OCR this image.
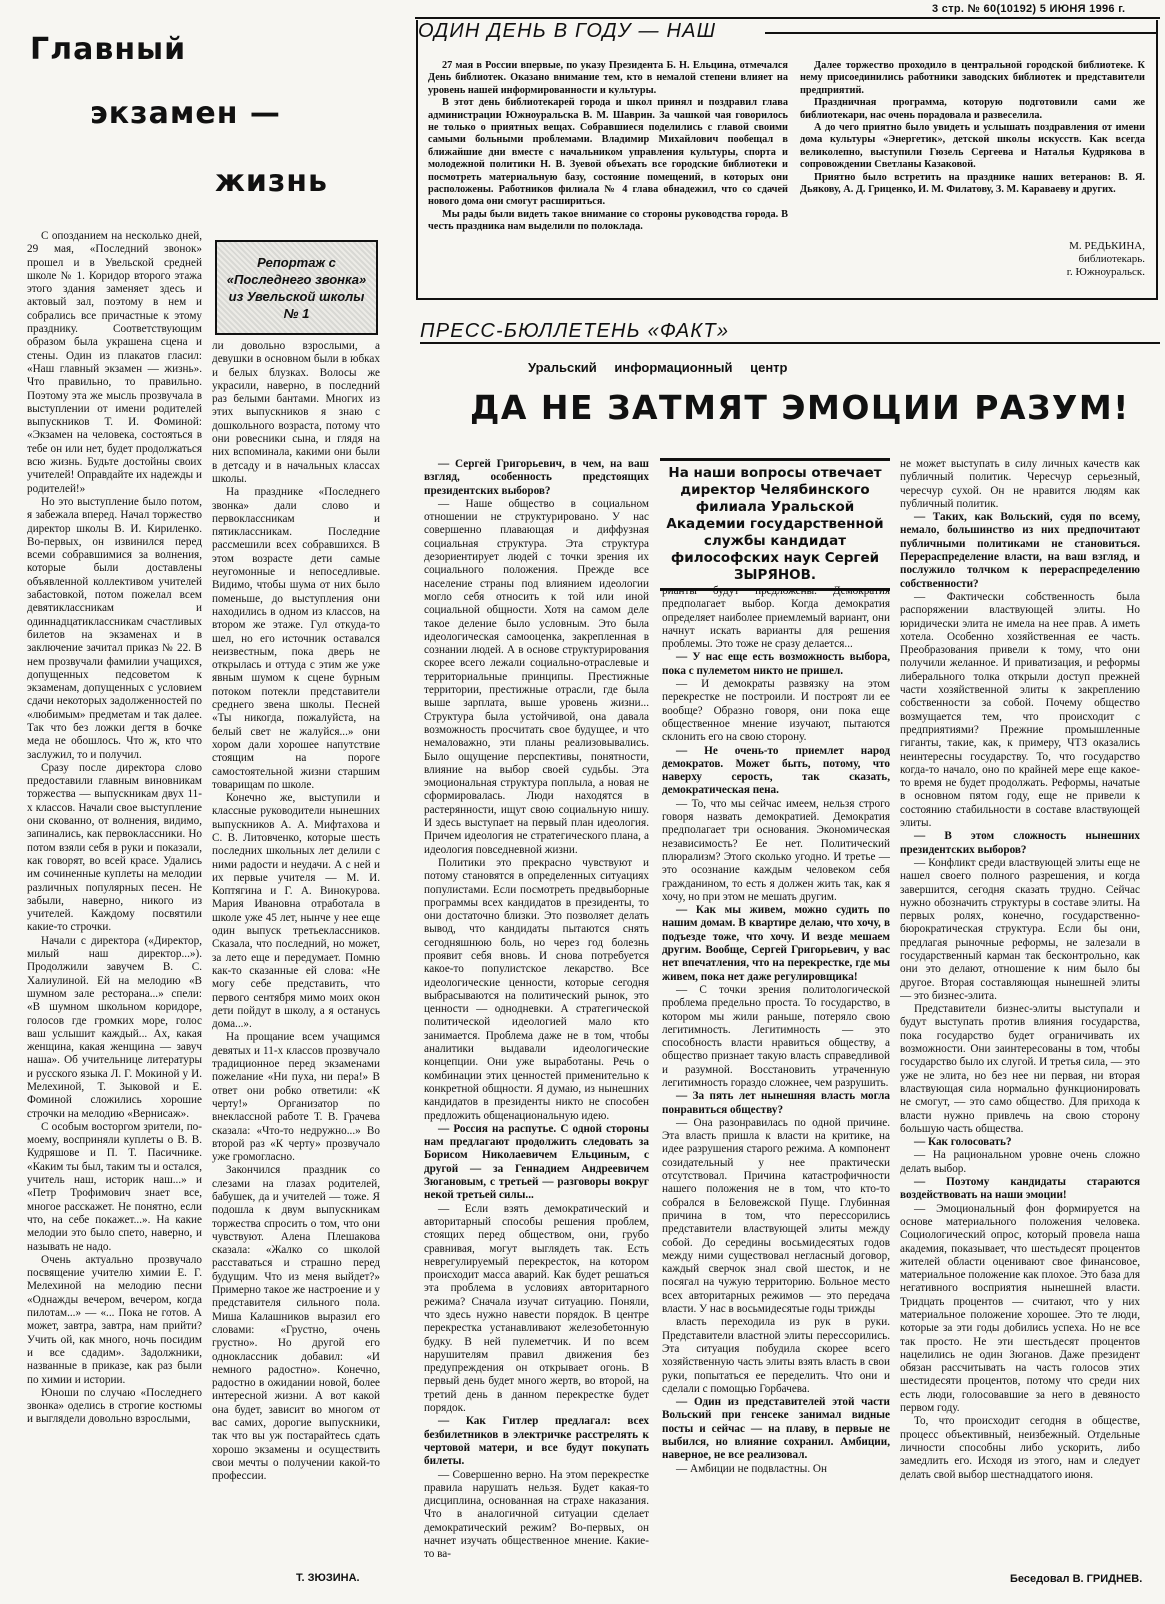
3 стр. № 60(10192) 5 ИЮНЯ 1996 г.
Главный
экзамен —
жизнь

С опозданием на несколько дней, 29 мая, «Последний звонок» прошел и в Увельской средней школе № 1. Коридор второго этажа этого здания заменяет здесь и актовый зал, поэтому в нем и собрались все причастные к этому празднику. Соответствующим образом была украшена сцена и стены. Один из плакатов гласил: «Наш главный экзамен — жизнь». Что правильно, то правильно. Поэтому эта же мысль прозвучала в выступлении от имени родителей выпускников Т. И. Фоминой: «Экзамен на человека, состояться в тебе он или нет, будет продолжаться всю жизнь. Будьте достойны своих учителей! Оправдайте их надежды и родителей!»

Но это выступление было потом, я забежала вперед. Начал торжество директор школы В. И. Кириленко. Во-первых, он извинился перед всеми собравшимися за волнения, которые были доставлены объявленной коллективом учителей забастовкой, потом пожелал всем девятиклассникам и одиннадцатиклассникам счастливых билетов на экзаменах и в заключение зачитал приказ № 22. В нем прозвучали фамилии учащихся, допущенных педсоветом к экзаменам, допущенных с условием сдачи некоторых задолженностей по «любимым» предметам и так далее. Так что без ложки дегтя в бочке меда не обошлось. Что ж, кто что заслужил, то и получил.

Сразу после директора слово предоставили главным виновникам торжества — выпускникам двух 11-х классов. Начали свое выступление они скованно, от волнения, видимо, запинались, как первоклассники. Но потом взяли себя в руки и показали, как говорят, во всей красе. Удались им сочиненные куплеты на мелодии различных популярных песен. Не забыли, наверно, никого из учителей. Каждому посвятили какие-то строчки.

Начали с директора («Директор, милый наш директор...»). Продолжили завучем В. С. Халиулиной. Ей на мелодию «В шумном зале ресторана...» спели: «В шумном школьном коридоре, голосов где громких море, голос ваш услышит каждый... Ах, какая женщина, какая женщина — завуч наша». Об учительнице литературы и русского языка Л. Г. Мокиной у И. Мелехиной, Т. Зыковой и Е. Фоминой сложились хорошие строчки на мелодию «Вернисаж».

С особым восторгом зрители, по-моему, восприняли куплеты о В. В. Кудряшове и П. Т. Пасичнике. «Каким ты был, таким ты и остался, учитель наш, историк наш...» и «Петр Трофимович знает все, многое расскажет. Не понятно, если что, на себе покажет...». На какие мелодии это было спето, наверно, и называть не надо.

Очень актуально прозвучало посвящение учителю химии Е. Г. Мелехиной на мелодию песни «Однажды вечером, вечером, когда пилотам...» — «... Пока не готов. А может, завтра, завтра, нам прийти? Учить ой, как много, ночь посидим и все сдадим». Задолжники, названные в приказе, как раз были по химии и истории.

Юноши по случаю «Последнего звонка» оделись в строгие костюмы и выглядели довольно взрослыми,

Репортаж с «Последнего звонка» из Увельской школы № 1

ли довольно взрослыми, а девушки в основном были в юбках и белых блузках. Волосы же украсили, наверно, в последний раз белыми бантами. Многих из этих выпускников я знаю с дошкольного возраста, потому что они ровесники сына, и глядя на них вспоминала, какими они были в детсаду и в начальных классах школы.

На празднике «Последнего звонка» дали слово и первоклассникам и пятиклассникам. Последние рассмешили всех собравшихся. В этом возрасте дети самые неугомонные и непоседливые. Видимо, чтобы шума от них было поменьше, до выступления они находились в одном из классов, на втором же этаже. Гул откуда-то шел, но его источник оставался неизвестным, пока дверь не открылась и оттуда с этим же уже явным шумом к сцене бурным потоком потекли представители среднего звена школы. Песней «Ты никогда, пожалуйста, на белый свет не жалуйся...» они хором дали хорошее напутствие стоящим на пороге самостоятельной жизни старшим товарищам по школе.

Конечно же, выступили и классные руководители нынешних выпускников А. А. Мифтахова и С. В. Литовченко, которые шесть последних школьных лет делили с ними радости и неудачи. А с ней и их первые учителя — М. И. Коптягина и Г. А. Винокурова. Мария Ивановна отработала в школе уже 45 лет, нынче у нее еще один выпуск третьеклассников. Сказала, что последний, но может, за лето еще и передумает. Помню как-то сказанные ей слова: «Не могу себе представить, что первого сентября мимо моих окон дети пойдут в школу, а я останусь дома...».

На прощание всем учащимся девятых и 11-х классов прозвучало традиционное перед экзаменами пожелание «Ни пуха, ни пера!» В ответ они робко ответили: «К черту!» Организатор по внеклассной работе Т. В. Грачева сказала: «Что-то недружно...» Во второй раз «К черту» прозвучало уже громогласно.

Закончился праздник со слезами на глазах родителей, бабушек, да и учителей — тоже. Я подошла к двум выпускникам торжества спросить о том, что они чувствуют. Алена Плешакова сказала: «Жалко со школой расставаться и страшно перед будущим. Что из меня выйдет?» Примерно такое же настроение и у представителя сильного пола. Миша Калашников выразил его словами: «Грустно, очень грустно». Но другой его одноклассник добавил: «И немного радостно». Конечно, радостно в ожидании новой, более интересной жизни. А вот какой она будет, зависит во многом от вас самих, дорогие выпускники, так что вы уж постарайтесь сдать хорошо экзамены и осуществить свои мечты о получении какой-то профессии.

Т. ЗЮЗИНА.
ОДИН ДЕНЬ В ГОДУ — НАШ

27 мая в России впервые, по указу Президента Б. Н. Ельцина, отмечался День библиотек. Оказано внимание тем, кто в немалой степени влияет на уровень нашей информированности и культуры.

В этот день библиотекарей города и школ принял и поздравил глава администрации Южноуральска В. М. Шаврин. За чашкой чая говорилось не только о приятных вещах. Собравшиеся поделились с главой своими самыми больными проблемами. Владимир Михайлович пообещал в ближайшие дни вместе с начальником управления культуры, спорта и молодежной политики Н. В. Зуевой объехать все городские библиотеки и посмотреть материальную базу, состояние помещений, в которых они расположены. Работников филиала № 4 глава обнадежил, что со сдачей нового дома они смогут расшириться.

Мы рады были видеть такое внимание со стороны руководства города. В честь праздника нам выделили по полоклада.

Далее торжество проходило в центральной городской библиотеке. К нему присоединились работники заводских библиотек и представители предприятий.

Праздничная программа, которую подготовили сами же библиотекари, нас очень порадовала и развеселила.

А до чего приятно было увидеть и услышать поздравления от имени дома культуры «Энергетик», детской школы искусств. Как всегда великолепно, выступили Гюзель Сергеева и Наталья Кудрякова в сопровождении Светланы Казаковой.

Приятно было встретить на празднике наших ветеранов: В. Я. Дьякову, А. Д. Гриценко, И. М. Филатову, З. М. Караваеву и других.

М. РЕДЬКИНА,
библиотекарь.
г. Южноуральск.
ПРЕСС-БЮЛЛЕТЕНЬ «ФАКТ»
Уральский информационный центр
ДА НЕ ЗАТМЯТ ЭМОЦИИ РАЗУМ!

— Сергей Григорьевич, в чем, на ваш взгляд, особенность предстоящих президентских выборов?

— Наше общество в социальном отношении не структурировано. У нас совершенно плавающая и диффузная социальная структура. Эта структура дезориентирует людей с точки зрения их социального положения. Прежде все население страны под влиянием идеологии могло себя относить к той или иной социальной общности. Хотя на самом деле такое деление было условным. Это была идеологическая самооценка, закрепленная в сознании людей. А в основе структурирования скорее всего лежали социально-отраслевые и территориальные принципы. Престижные территории, престижные отрасли, где была выше зарплата, выше уровень жизни... Структура была устойчивой, она давала возможность просчитать свое будущее, и что немаловажно, эти планы реализовывались. Было ощущение перспективы, понятности, влияние на выбор своей судьбы. Эта эмоциональная структура поплыла, а новая не сформировалась. Люди находятся в растерянности, ищут свою социальную нишу. И здесь выступает на первый план идеология. Причем идеология не стратегического плана, а идеология повседневной жизни.

Политики это прекрасно чувствуют и потому становятся в определенных ситуациях популистами. Если посмотреть предвыборные программы всех кандидатов в президенты, то они достаточно близки. Это позволяет делать вывод, что кандидаты пытаются снять сегодняшнюю боль, но через год болезнь проявит себя вновь. И снова потребуется какое-то популистское лекарство. Все идеологические ценности, которые сегодня выбрасываются на политический рынок, это ценности — однодневки. А стратегической политической идеологией мало кто занимается. Проблема даже не в том, чтобы аналитики выдавали идеологические концепции. Они уже выработаны. Речь о комбинации этих ценностей применительно к конкретной общности. Я думаю, из нынешних кандидатов в президенты никто не способен предложить общенациональную идею.

— Россия на распутье. С одной стороны нам предлагают продолжить следовать за Борисом Николаевичем Ельциным, с другой — за Геннадием Андреевичем Зюгановым, с третьей — разговоры вокруг некой третьей силы...

— Если взять демократический и авторитарный способы решения проблем, стоящих перед обществом, они, грубо сравнивая, могут выглядеть так. Есть неврегулируемый перекресток, на котором происходит масса аварий. Как будет решаться эта проблема в условиях авторитарного режима? Сначала изучат ситуацию. Поняли, что здесь нужно навести порядок. В центре перекрестка устанавливают железобетонную будку. В ней пулеметчик. И по всем нарушителям правил движения без предупреждения он открывает огонь. В первый день будет много жертв, во второй, на третий день в данном перекрестке будет порядок.

— Как Гитлер предлагал: всех безбилетников в электричке расстрелять к чертовой матери, и все будут покупать билеты.

— Совершенно верно. На этом перекрестке правила нарушать нельзя. Будет какая-то дисциплина, основанная на страхе наказания. Что в аналогичной ситуации сделает демократический режим? Во-первых, он начнет изучать общественное мнение. Какие-то ва-

На наши вопросы отвечает директор Челябинского филиала Уральской Академии государственной службы кандидат философских наук Сергей ЗЫРЯНОВ.

рианты будут предложены. Демократия предполагает выбор. Когда демократия определяет наиболее приемлемый вариант, они начнут искать варианты для решения проблемы. Это тоже не сразу делается...

— У нас еще есть возможность выбора, пока с пулеметом никто не пришел.

— И демократы развязку на этом перекрестке не построили. И построят ли ее вообще? Образно говоря, они пока еще общественное мнение изучают, пытаются склонить его на свою сторону.

— Не очень-то приемлет народ демократов. Может быть, потому, что наверху серость, так сказать, демократическая пена.

— То, что мы сейчас имеем, нельзя строго говоря назвать демократией. Демократия предполагает три основания. Экономическая независимость? Ее нет. Политический плюрализм? Этого сколько угодно. И третье — это осознание каждым человеком себя гражданином, то есть я должен жить так, как я хочу, но при этом не мешать другим.

— Как мы живем, можно судить по нашим домам. В квартире делаю, что хочу, в подъезде тоже, что хочу. И везде мешаем другим. Вообще, Сергей Григорьевич, у вас нет впечатления, что на перекрестке, где мы живем, пока нет даже регулировщика!

— С точки зрения политологической проблема предельно проста. То государство, в котором мы жили раньше, потеряло свою легитимность. Легитимность — это способность власти нравиться обществу, а общество признает такую власть справедливой и разумной. Восстановить утраченную легитимность гораздо сложнее, чем разрушить.

— За пять лет нынешняя власть могла понравиться обществу?

— Она разонравилась по одной причине. Эта власть пришла к власти на критике, на идее разрушения старого режима. А компонент созидательный у нее практически отсутствовал. Причина катастрофичности нашего положения не в том, что кто-то собрался в Беловежской Пуще. Глубинная причина в том, что перессорились представители властвующей элиты между собой. До середины восьмидесятых годов между ними существовал негласный договор, каждый сверчок знал свой шесток, и не посягал на чужую территорию. Больное место всех авторитарных режимов — это передача власти. У нас в восьмидесятые годы трижды

власть переходила из рук в руки. Представители властной элиты перессорились. Эта ситуация побудила скорее всего хозяйственную часть элиты взять власть в свои руки, попытаться ее переделить. Что они и сделали с помощью Горбачева.

— Один из представителей этой части Вольский при генсеке занимал видные посты и сейчас — на плаву, в первые не выбился, но влияние сохранил. Амбиции, наверное, не все реализовал.

— Амбиции не подвластны. Он

не может выступать в силу личных качеств как публичный политик. Чересчур серьезный, чересчур сухой. Он не нравится людям как публичный политик.

— Таких, как Вольский, судя по всему, немало, большинство из них предпочитают публичными политиками не становиться. Перераспределение власти, на ваш взгляд, и послужило толчком к перераспределению собственности?

— Фактически собственность была распоряжении властвующей элиты. Но юридически элита не имела на нее прав. А иметь хотела. Особенно хозяйственная ее часть. Преобразования привели к тому, что они получили желанное. И приватизация, и реформы либерального толка открыли доступ прежней части хозяйственной элиты к закреплению собственности за собой. Почему общество возмущается тем, что происходит с предприятиями? Прежние промышленные гиганты, такие, как, к примеру, ЧТЗ оказались неинтересны государству. То, что государство когда-то начало, оно по крайней мере еще какое-то время не будет продолжать. Реформы, начатые в основном пятом году, еще не привели к состоянию стабильности в составе властвующей элиты.

— В этом сложность нынешних президентских выборов?

— Конфликт среди властвующей элиты еще не нашел своего полного разрешения, и когда завершится, сегодня сказать трудно. Сейчас нужно обозначить структуры в составе элиты. На первых ролях, конечно, государственно-бюрократическая структура. Если бы они, предлагая рыночные реформы, не залезали в государственный карман так бесконтрольно, как они это делают, отношение к ним было бы другое. Вторая составляющая нынешней элиты — это бизнес-элита.

Представители бизнес-элиты выступали и будут выступать против влияния государства, пока государство будет ограничивать их возможности. Они заинтересованы в том, чтобы государство было их слугой. И третья сила, — это уже не элита, но без нее ни первая, ни вторая властвующая сила нормально функционировать не смогут, — это само общество. Для прихода к власти нужно привлечь на свою сторону большую часть общества.

— Как голосовать?

— На рациональном уровне очень сложно делать выбор.

— Поэтому кандидаты стараются воздействовать на наши эмоции!

— Эмоциональный фон формируется на основе материального положения человека. Социологический опрос, который провела наша академия, показывает, что шестьдесят процентов жителей области оценивают свое финансовое, материальное положение как плохое. Это база для негативного восприятия нынешней власти. Тридцать процентов — считают, что у них материальное положение хорошее. Это те люди, которые за эти годы добились успеха. Но не все так просто. Не эти шестьдесят процентов нацелились не один Зюганов. Даже президент обязан рассчитывать на часть голосов этих шестидесяти процентов, потому что среди них есть люди, голосовавшие за него в девяносто первом году.

То, что происходит сегодня в обществе, процесс объективный, неизбежный. Отдельные личности способны либо ускорить, либо замедлить его. Исходя из этого, нам и следует делать свой выбор шестнадцатого июня.

Беседовал В. ГРИДНЕВ.
